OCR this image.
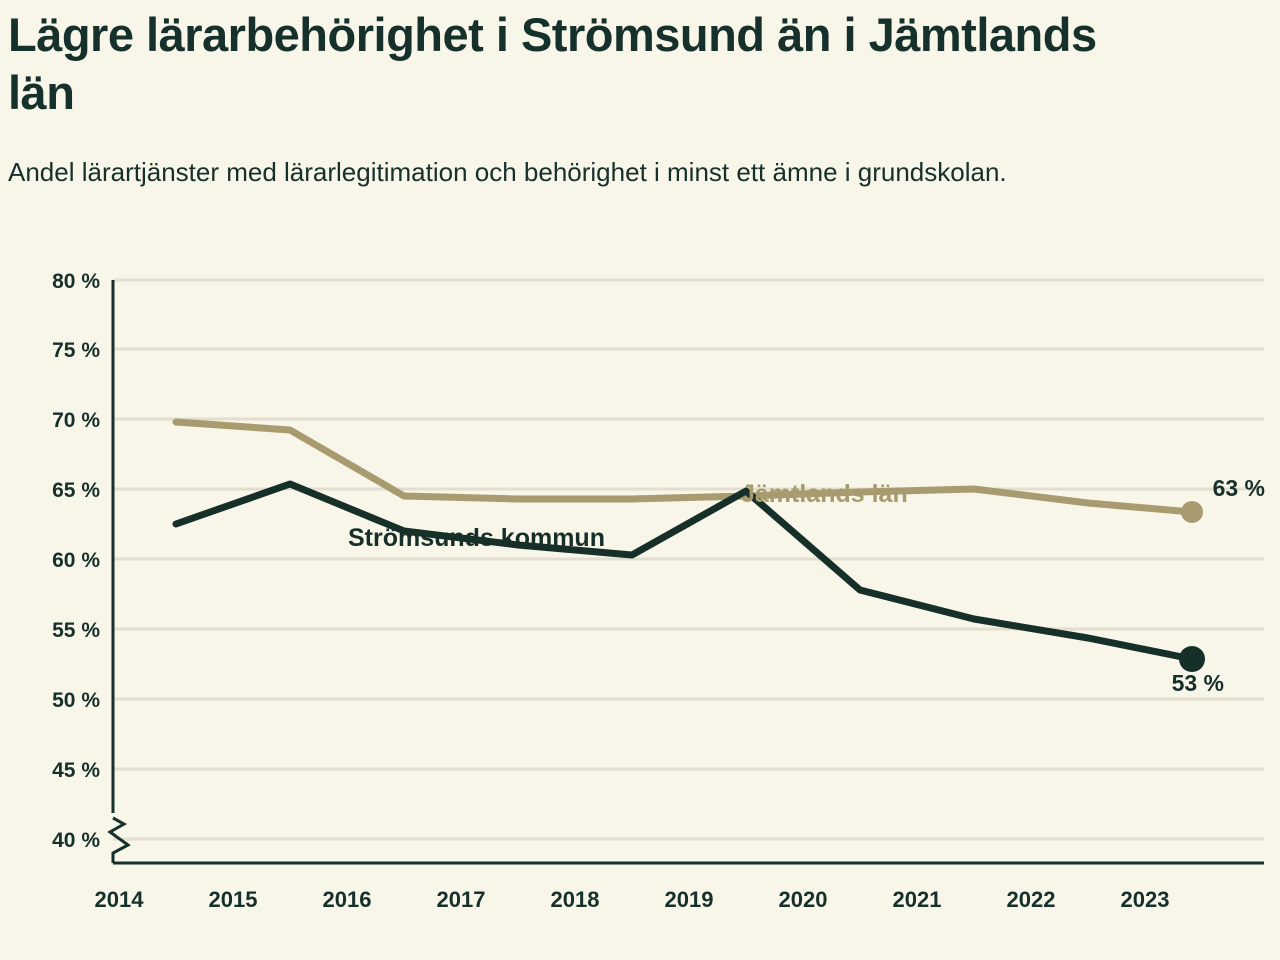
Lägre lärarbehörighet i Strömsund än i Jämtlands län
Andel lärartjänster med lärarlegitimation och behörighet i minst ett ämne i grundskolan.
80 %
75 %
70 %
65 %
60 %
55 %
50 %
45 %
40 %
2014	2015	2016	2017	2018	2019	2020	2021	2022	2023
Jämtlands län
Strömsunds kommun
63 %
53 %
